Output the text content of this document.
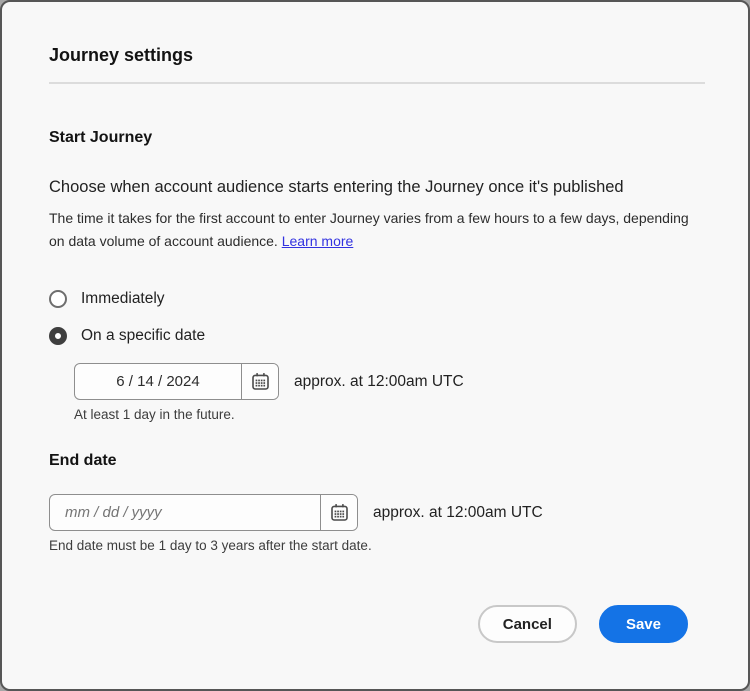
Journey settings
Start Journey
Choose when account audience starts entering the Journey once it's published
The time it takes for the first account to enter Journey varies from a few hours to a few days, depending on data volume of account audience. Learn more
Immediately
On a specific date
6 / 14 / 2024
approx. at 12:00am UTC
At least 1 day in the future.
End date
mm / dd / yyyy
approx. at 12:00am UTC
End date must be 1 day to 3 years after the start date.
Cancel	Save
